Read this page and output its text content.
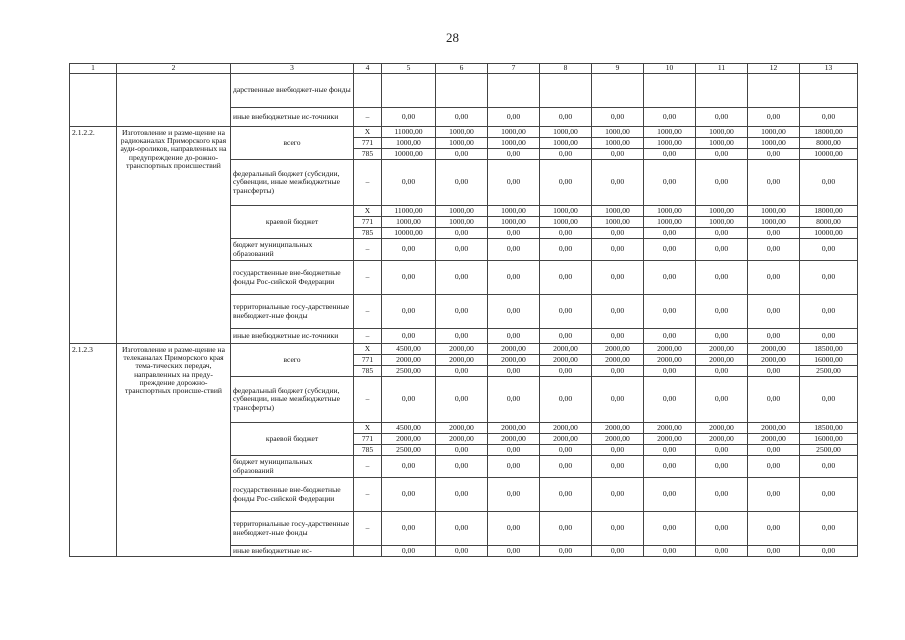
28
1	2	3	4	5	6	7	8	9	10	11	12	13
		дарственные внебюджет-ные фонды										
		иные внебюджетные ис-точники	–	0,00	0,00	0,00	0,00	0,00	0,00	0,00	0,00	0,00
2.1.2.2.	Изготовление и разме-щение на радиоканалах Приморского края ауди-ороликов, направленных на предупреждение до-рожно-транспортных происшествий	всего	X	11000,00	1000,00	1000,00	1000,00	1000,00	1000,00	1000,00	1000,00	18000,00
			771	1000,00	1000,00	1000,00	1000,00	1000,00	1000,00	1000,00	1000,00	8000,00
			785	10000,00	0,00	0,00	0,00	0,00	0,00	0,00	0,00	10000,00
		федеральный бюджет (субсидии, субвенции, иные межбюджетные трансферты)	–	0,00	0,00	0,00	0,00	0,00	0,00	0,00	0,00	0,00
		краевой бюджет	X	11000,00	1000,00	1000,00	1000,00	1000,00	1000,00	1000,00	1000,00	18000,00
			771	1000,00	1000,00	1000,00	1000,00	1000,00	1000,00	1000,00	1000,00	8000,00
			785	10000,00	0,00	0,00	0,00	0,00	0,00	0,00	0,00	10000,00
		бюджет муниципальных образований	–	0,00	0,00	0,00	0,00	0,00	0,00	0,00	0,00	0,00
		государственные вне-бюджетные фонды Рос-сийской Федерации	–	0,00	0,00	0,00	0,00	0,00	0,00	0,00	0,00	0,00
		территориальные госу-дарственные внебюджет-ные фонды	–	0,00	0,00	0,00	0,00	0,00	0,00	0,00	0,00	0,00
		иные внебюджетные ис-точники	–	0,00	0,00	0,00	0,00	0,00	0,00	0,00	0,00	0,00
2.1.2.3	Изготовление и разме-щение на телеканалах Приморского края тема-тических передач, направленных на преду-преждение дорожно-транспортных происше-ствий	всего	X	4500,00	2000,00	2000,00	2000,00	2000,00	2000,00	2000,00	2000,00	18500,00
			771	2000,00	2000,00	2000,00	2000,00	2000,00	2000,00	2000,00	2000,00	16000,00
			785	2500,00	0,00	0,00	0,00	0,00	0,00	0,00	0,00	2500,00
		федеральный бюджет (субсидии, субвенции, иные межбюджетные трансферты)	–	0,00	0,00	0,00	0,00	0,00	0,00	0,00	0,00	0,00
		краевой бюджет	X	4500,00	2000,00	2000,00	2000,00	2000,00	2000,00	2000,00	2000,00	18500,00
			771	2000,00	2000,00	2000,00	2000,00	2000,00	2000,00	2000,00	2000,00	16000,00
			785	2500,00	0,00	0,00	0,00	0,00	0,00	0,00	0,00	2500,00
		бюджет муниципальных образований	–	0,00	0,00	0,00	0,00	0,00	0,00	0,00	0,00	0,00
		государственные вне-бюджетные фонды Рос-сийской Федерации	–	0,00	0,00	0,00	0,00	0,00	0,00	0,00	0,00	0,00
		территориальные госу-дарственные внебюджет-ные фонды	–	0,00	0,00	0,00	0,00	0,00	0,00	0,00	0,00	0,00
		иные внебюджетные ис-		0,00	0,00	0,00	0,00	0,00	0,00	0,00	0,00	0,00
